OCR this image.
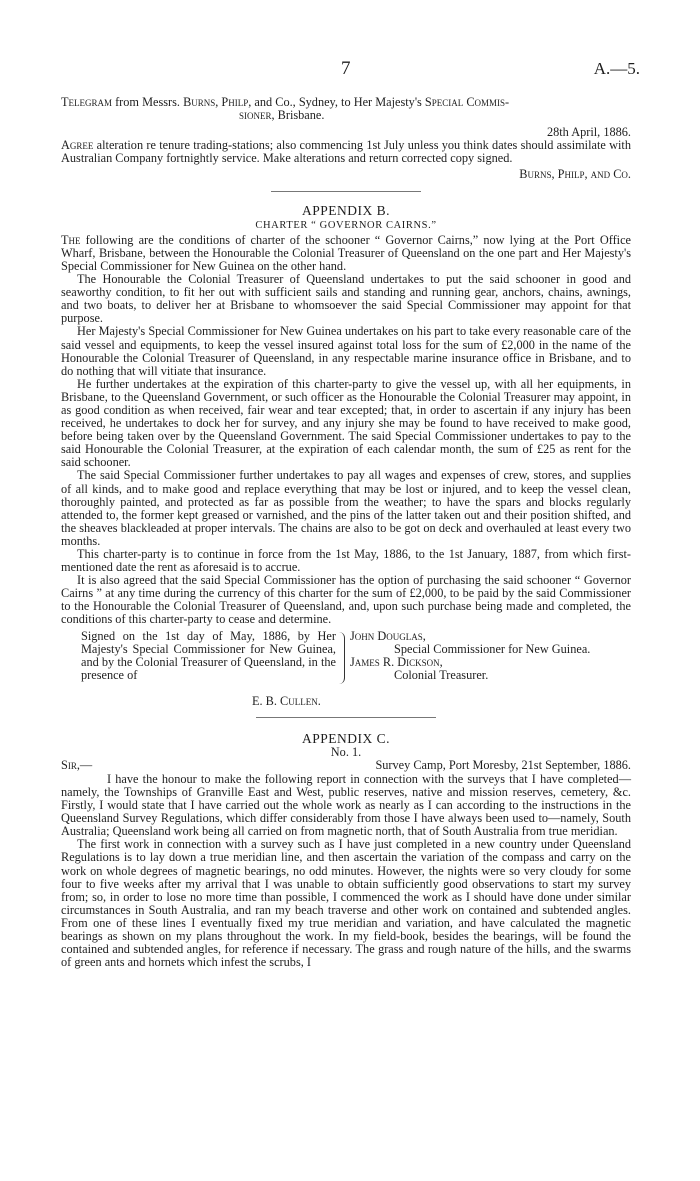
7	A.—5.

Telegram from Messrs. Burns, Philp, and Co., Sydney, to Her Majesty's Special Commis-
sioner, Brisbane.

28th April, 1886.

Agree alteration re tenure trading-stations; also commencing 1st July unless you think dates should assimilate with Australian Company fortnightly service. Make alterations and return corrected copy signed.

Burns, Philp, and Co.

APPENDIX B.

CHARTER “ GOVERNOR CAIRNS.”

The following are the conditions of charter of the schooner “ Governor Cairns,” now lying at the Port Office Wharf, Brisbane, between the Honourable the Colonial Treasurer of Queensland on the one part and Her Majesty's Special Commissioner for New Guinea on the other hand.

The Honourable the Colonial Treasurer of Queensland undertakes to put the said schooner in good and seaworthy condition, to fit her out with sufficient sails and standing and running gear, anchors, chains, awnings, and two boats, to deliver her at Brisbane to whomsoever the said Special Commissioner may appoint for that purpose.

Her Majesty's Special Commissioner for New Guinea undertakes on his part to take every reasonable care of the said vessel and equipments, to keep the vessel insured against total loss for the sum of £2,000 in the name of the Honourable the Colonial Treasurer of Queensland, in any respectable marine insurance office in Brisbane, and to do nothing that will vitiate that insurance.

He further undertakes at the expiration of this charter-party to give the vessel up, with all her equipments, in Brisbane, to the Queensland Government, or such officer as the Honourable the Colonial Treasurer may appoint, in as good condition as when received, fair wear and tear excepted; that, in order to ascertain if any injury has been received, he undertakes to dock her for survey, and any injury she may be found to have received to make good, before being taken over by the Queensland Government. The said Special Commissioner undertakes to pay to the said Honourable the Colonial Treasurer, at the expiration of each calendar month, the sum of £25 as rent for the said schooner.

The said Special Commissioner further undertakes to pay all wages and expenses of crew, stores, and supplies of all kinds, and to make good and replace everything that may be lost or injured, and to keep the vessel clean, thoroughly painted, and protected as far as possible from the weather; to have the spars and blocks regularly attended to, the former kept greased or varnished, and the pins of the latter taken out and their position shifted, and the sheaves blackleaded at proper intervals. The chains are also to be got on deck and overhauled at least every two months.

This charter-party is to continue in force from the 1st May, 1886, to the 1st January, 1887, from which first-mentioned date the rent as aforesaid is to accrue.

It is also agreed that the said Special Commissioner has the option of purchasing the said schooner “ Governor Cairns ” at any time during the currency of this charter for the sum of £2,000, to be paid by the said Commissioner to the Honourable the Colonial Treasurer of Queensland, and, upon such purchase being made and completed, the conditions of this charter-party to cease and determine.

Signed on the 1st day of May, 1886, by Her Majesty's Special Commissioner for New Guinea, and by the Colonial Treasurer of Queensland, in the presence of

John Douglas,
Special Commissioner for New Guinea.
James R. Dickson,
Colonial Treasurer.
E. B. Cullen.

APPENDIX C.

No. 1.

Sir,—	Survey Camp, Port Moresby, 21st September, 1886.

I have the honour to make the following report in connection with the surveys that I have completed—namely, the Townships of Granville East and West, public reserves, native and mission reserves, cemetery, &c. Firstly, I would state that I have carried out the whole work as nearly as I can according to the instructions in the Queensland Survey Regulations, which differ considerably from those I have always been used to—namely, South Australia; Queensland work being all carried on from magnetic north, that of South Australia from true meridian.

The first work in connection with a survey such as I have just completed in a new country under Queensland Regulations is to lay down a true meridian line, and then ascertain the variation of the compass and carry on the work on whole degrees of magnetic bearings, no odd minutes. However, the nights were so very cloudy for some four to five weeks after my arrival that I was unable to obtain sufficiently good observations to start my survey from; so, in order to lose no more time than possible, I commenced the work as I should have done under similar circumstances in South Australia, and ran my beach traverse and other work on contained and subtended angles. From one of these lines I eventually fixed my true meridian and variation, and have calculated the magnetic bearings as shown on my plans throughout the work. In my field-book, besides the bearings, will be found the contained and subtended angles, for reference if necessary. The grass and rough nature of the hills, and the swarms of green ants and hornets which infest the scrubs, I
